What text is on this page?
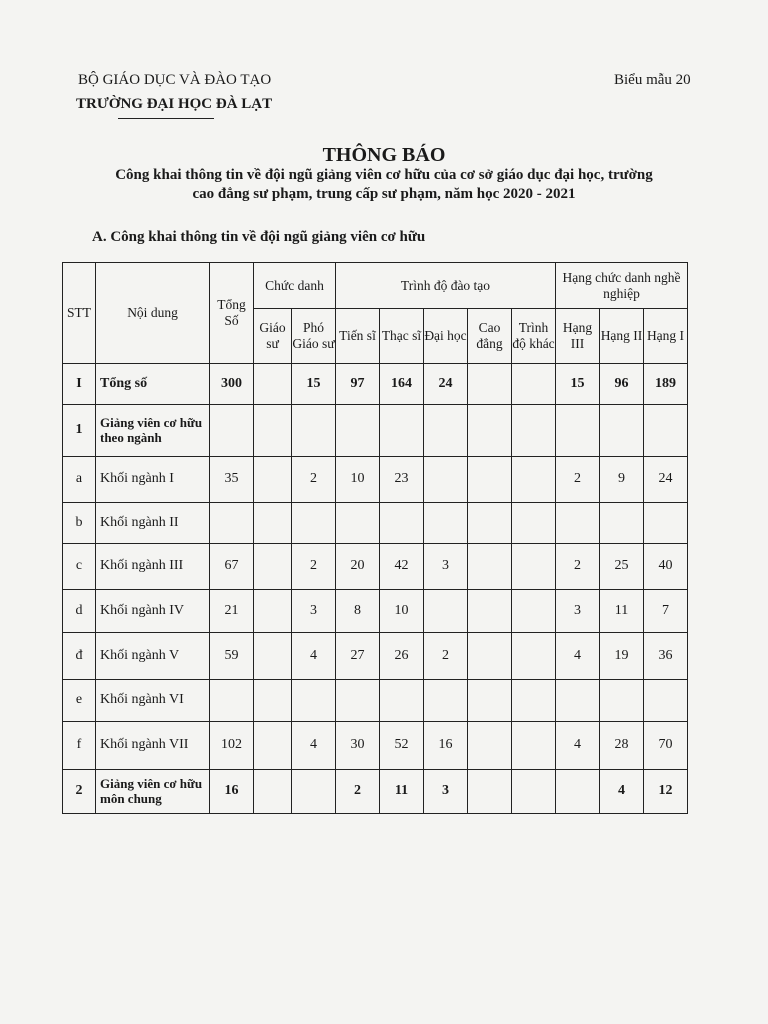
BỘ GIÁO DỤC VÀ ĐÀO TẠO
TRƯỜNG ĐẠI HỌC ĐÀ LẠT
Biểu mẫu 20
THÔNG BÁO
Công khai thông tin về đội ngũ giảng viên cơ hữu của cơ sở giáo dục đại học, trường
cao đẳng sư phạm, trung cấp sư phạm, năm học 2020 - 2021
A. Công khai thông tin về đội ngũ giảng viên cơ hữu
STT	Nội dung	Tổng Số	Chức danh		Trình độ đào tạo					Hạng chức danh nghề nghiệp		
			Giáo sư	Phó Giáo sư	Tiến sĩ	Thạc sĩ	Đại học	Cao đẳng	Trình độ khác	Hạng III	Hạng II	Hạng I
I	Tổng số	300		15	97	164	24			15	96	189
1	Giảng viên cơ hữu theo ngành											
a	Khối ngành I	35		2	10	23				2	9	24
b	Khối ngành II											
c	Khối ngành III	67		2	20	42	3			2	25	40
d	Khối ngành IV	21		3	8	10				3	11	7
đ	Khối ngành V	59		4	27	26	2			4	19	36
e	Khối ngành VI											
f	Khối ngành VII	102		4	30	52	16			4	28	70
2	Giảng viên cơ hữu môn chung	16			2	11	3				4	12
